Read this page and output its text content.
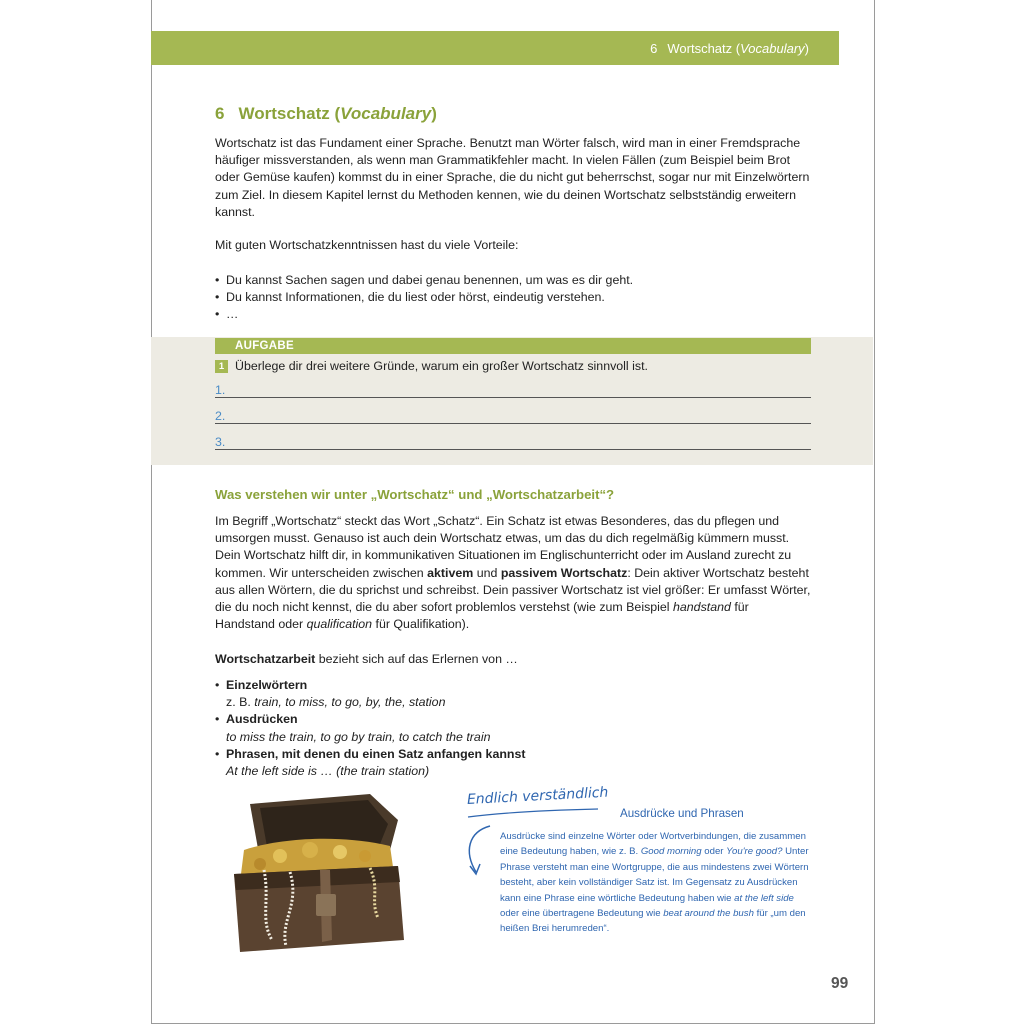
6 Wortschatz ( Vocabulary )
6 Wortschatz (Vocabulary)

Wortschatz ist das Fundament einer Sprache. Benutzt man Wörter falsch, wird man in einer Fremdsprache häufiger missverstanden, als wenn man Grammatikfehler macht. In vielen Fällen (zum Beispiel beim Brot oder Gemüse kaufen) kommst du in einer Sprache, die du nicht gut beherrschst, sogar nur mit Einzelwörtern zum Ziel. In diesem Kapitel lernst du Methoden kennen, wie du deinen Wortschatz selbstständig erweitern kannst.

Mit guten Wortschatzkenntnissen hast du viele Vorteile:

• Du kannst Sachen sagen und dabei genau benennen, um was es dir geht.
• Du kannst Informationen, die du liest oder hörst, eindeutig verstehen.
• …
AUFGABE
1 Überlege dir drei weitere Gründe, warum ein großer Wortschatz sinnvoll ist.
1.
2.
3.
Was verstehen wir unter „Wortschatz“ und „Wortschatzarbeit“?

Im Begriff „Wortschatz“ steckt das Wort „Schatz“. Ein Schatz ist etwas Besonderes, das du pflegen und umsorgen musst. Genauso ist auch dein Wortschatz etwas, um das du dich regelmäßig kümmern musst. Dein Wortschatz hilft dir, in kommunikativen Situationen im Englischunterricht oder im Ausland zurecht zu kommen. Wir unterscheiden zwischen aktivem und passivem Wortschatz: Dein aktiver Wortschatz besteht aus allen Wörtern, die du sprichst und schreibst. Dein passiver Wortschatz ist viel größer: Er umfasst Wörter, die du noch nicht kennst, die du aber sofort problemlos verstehst (wie zum Beispiel handstand für Handstand oder qualification für Qualifikation).

Wortschatzarbeit bezieht sich auf das Erlernen von …

• Einzelwörtern
z. B. train, to miss, to go, by, the, station
• Ausdrücken
to miss the train, to go by train, to catch the train
• Phrasen, mit denen du einen Satz anfangen kannst
At the left side is … (the train station)
Endlich verständlich
Ausdrücke und Phrasen

Ausdrücke sind einzelne Wörter oder Wortverbindungen, die zusammen eine Bedeutung haben, wie z. B. Good morning oder You're good? Unter Phrase versteht man eine Wortgruppe, die aus mindestens zwei Wörtern besteht, aber kein vollständiger Satz ist. Im Gegensatz zu Ausdrücken kann eine Phrase eine wörtliche Bedeutung haben wie at the left side oder eine übertragene Bedeutung wie beat around the bush für „um den heißen Brei herumreden“.

99
